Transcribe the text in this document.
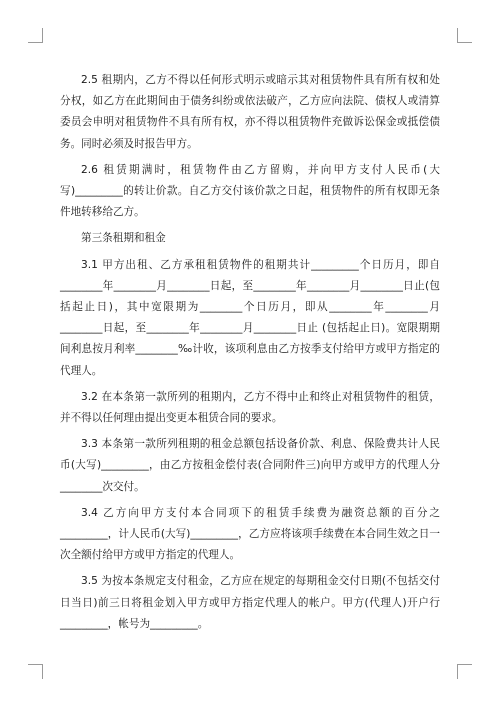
2.5 租期内，乙方不得以任何形式明示或暗示其对租赁物件具有所有权和处分权，如乙方在此期间由于债务纠纷或依法破产，乙方应向法院、债权人或清算委员会申明对租赁物件不具有所有权，亦不得以租赁物件充做诉讼保金或抵偿债务。同时必须及时报告甲方。

2.6 租赁期满时，租赁物件由乙方留购，并向甲方支付人民币(大写)_________的转让价款。自乙方交付该价款之日起，租赁物件的所有权即无条件地转移给乙方。

第三条租期和租金

3.1 甲方出租、乙方承租租赁物件的租期共计_________个日历月，即自________年________月________日起，至________年________月________日止(包括起止日)，其中宽限期为________个日历月，即从________年________月________日起，至________年________月________日止 (包括起止日)。宽限期期间利息按月利率________‰计收，该项利息由乙方按季支付给甲方或甲方指定的代理人。

3.2 在本条第一款所列的租期内，乙方不得中止和终止对租赁物件的租赁，并不得以任何理由提出变更本租赁合同的要求。

3.3 本条第一款所列租期的租金总额包括设备价款、利息、保险费共计人民币(大写)_________，由乙方按租金偿付表(合同附件三)向甲方或甲方的代理人分________次交付。

3.4 乙方向甲方支付本合同项下的租赁手续费为融资总额的百分之_________，计人民币(大写)_________，乙方应将该项手续费在本合同生效之日一次全额付给甲方或甲方指定的代理人。

3.5 为按本条规定支付租金，乙方应在规定的每期租金交付日期(不包括交付日当日)前三日将租金划入甲方或甲方指定代理人的帐户。甲方(代理人)开户行_________，帐号为_________。
